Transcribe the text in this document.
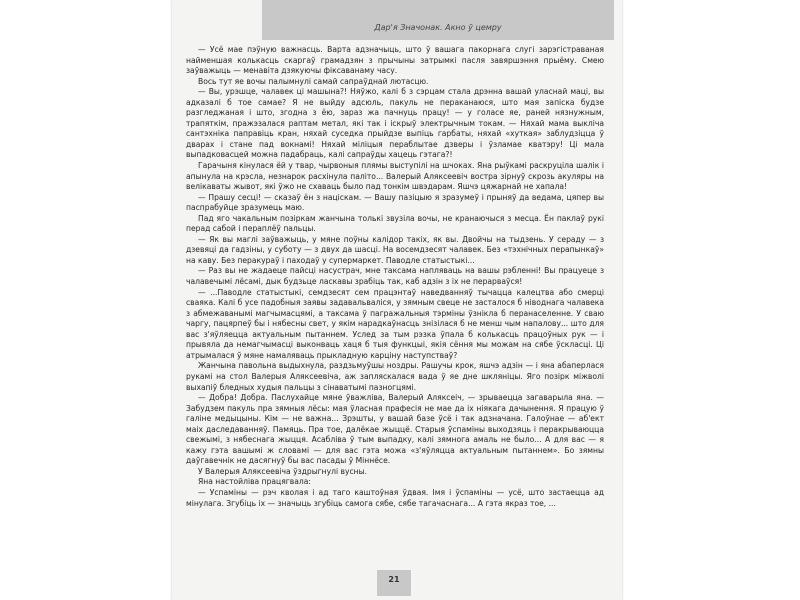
Дар'я Значонак. Акно ў цемру

— Усё мае пэўную важнасць. Варта адзначыць, што ў вашага пакорнага слугі зарэгістраваная найменшая колькасць скаргаў грамадзян з прычыны затрымкі пасля завяршэння прыёму. Смею заўважыць — менавіта дзякуючы фіксаванаму часу.

Вось тут яе вочы палымнулі самай сапраўднай лютасцю.

— Вы, урэшце, чалавек ці машына?! Няўжо, калі б з сэрцам стала дрэнна вашай уласнай маці, вы адказалі б тое самае? Я не выйду адсюль, пакуль не пераканаюся, што мая запіска будзе разгледжаная і што, згодна з ёю, зараз жа пачнуць працу! — у голасе яе, раней нязнужным, трапяткім, пражэзалася раптам метал, які так і іскрыў электрычным токам. — Няхай мама выкліча сантэхніка паправіць кран, няхай суседка прыйдзе выпіць гарбаты, няхай «хуткая» заблудзіцца ў дварах і стане пад вокнамі! Няхай міліцыя пераблытае дзверы і ўзламае кватэру! Ці мала выпадковасцей можна падабраць, калі сапраўды хацець гэтага?!

Гарачыня кінулася ёй у твар, чырвоныя плямы выступілі на шчоках. Яна рыўкамі раскруціла шалік і апынула на крэсла, незнарок расхінула паліто... Валерый Аляксеевіч востра зірнуў скрозь акуляры на велікаваты жывот, які ўжо не схаваць было пад тонкім швэдарам. Яшчэ цяжарнай не хапала!

— Прашу сесці! — сказаў ён з націскам. — Вашу пазіцыю я зразумеў і прыняў да ведама, цяпер вы паспрабуйце зразумець маю.

Пад яго чакальным позіркам жанчына толькі звузіла вочы, не кранаючыся з месца. Ён паклаў рукі перад сабой і пераплёў пальцы.

— Як вы маглі заўважыць, у мяне поўны калідор такіх, як вы. Двойчы на тыдзень. У сераду — з дзевяці да гадзіны, у суботу — з двух да шасці. На восемдзесят чалавек. Без «тэхнічных перапынкаў» на каву. Без перакураў і паходаў у супермаркет. Паводле статыстыкі...

— Раз вы не жадаеце пайсці насустрач, мне таксама напляваць на вашы рэбленні! Вы працуеце з чалавечымі лёсамі, дык будзьце ласкавы зрабіць так, каб адзін з іх не перарваўся!

— ...Паводле статыстыкі, семдзесят сем працэнтаў наведванняў тычацца калецтва або смерці сваяка. Калі б усе падобныя заявы задавальваліся, у зямным свеце не засталося б ніводнага чалавека з абмежаванымі магчымасцямі, а таксама ў пагражальныя тэрміны ўзнікла б перанаселенне. У сваю чаргу, пацярпеў бы і нябесны свет, у якім нарадкаўнасць знізілася б не менш чым напалову... што для вас з'яўляецца актуальным пытаннем. Услед за тым рэзка ўпала б колькасць працоўных рук — і прывяла да немагчымасці выконваць хаця б тыя функцыі, якія сёння мы можам на сябе ўскласці. Ці атрымалася ў мяне намаляваць прыкладную карціну наступстваў?

Жанчына павольна выдыхнула, раздзьмуўшы ноздры. Рашучы крок, яшчэ адзін — і яна абаперлася рукамі на стол Валерыя Аляксеевіча, аж запляскалася вада ў яе дне шкляніцы. Яго позірк міжволі выхапіў бледных худыя пальцы з сінаватымі пазногцямі.

— Добра! Добра. Паслухайце мяне ўважліва, Валерый Аляксеіч, — зрываецца загаварыла яна. —Забудзем пакуль пра зямныя лёсы: мая ўласная прафесія не мае да іх ніякага дачынення. Я працую ў галіне медыцыны. Кім — не важна... Зрэшты, у вашай базе ўсё і так адзначана. Галоўнае — аб'ект маіх даследаванняў. Памяць. Пра тое, далёкае жыццё. Старыя ўспаміны выходзяць і перакрываюцца свежымі, з нябеснага жыцця. Асабліва ў тым выпадку, калі зямнога амаль не было... А для вас — я кажу гэта вашымі ж словамі — для вас гэта можа «з'яўляцца актуальным пытаннем». Бо зямны даўгавечнік не дасягнуў бы вас пасады ў Міннёсе.

У Валерыя Аляксеевіча ўздрыгнулі вусны.

Яна настойліва працягвала:

— Успаміны — рэч кволая і ад таго каштоўная ўдвая. Імя і ўспаміны — усё, што застаецца ад мінулага. Згубіць іх — значыць згубіць самога сябе, сябе тагачаснага... А гэта якраз тое, ...

21
